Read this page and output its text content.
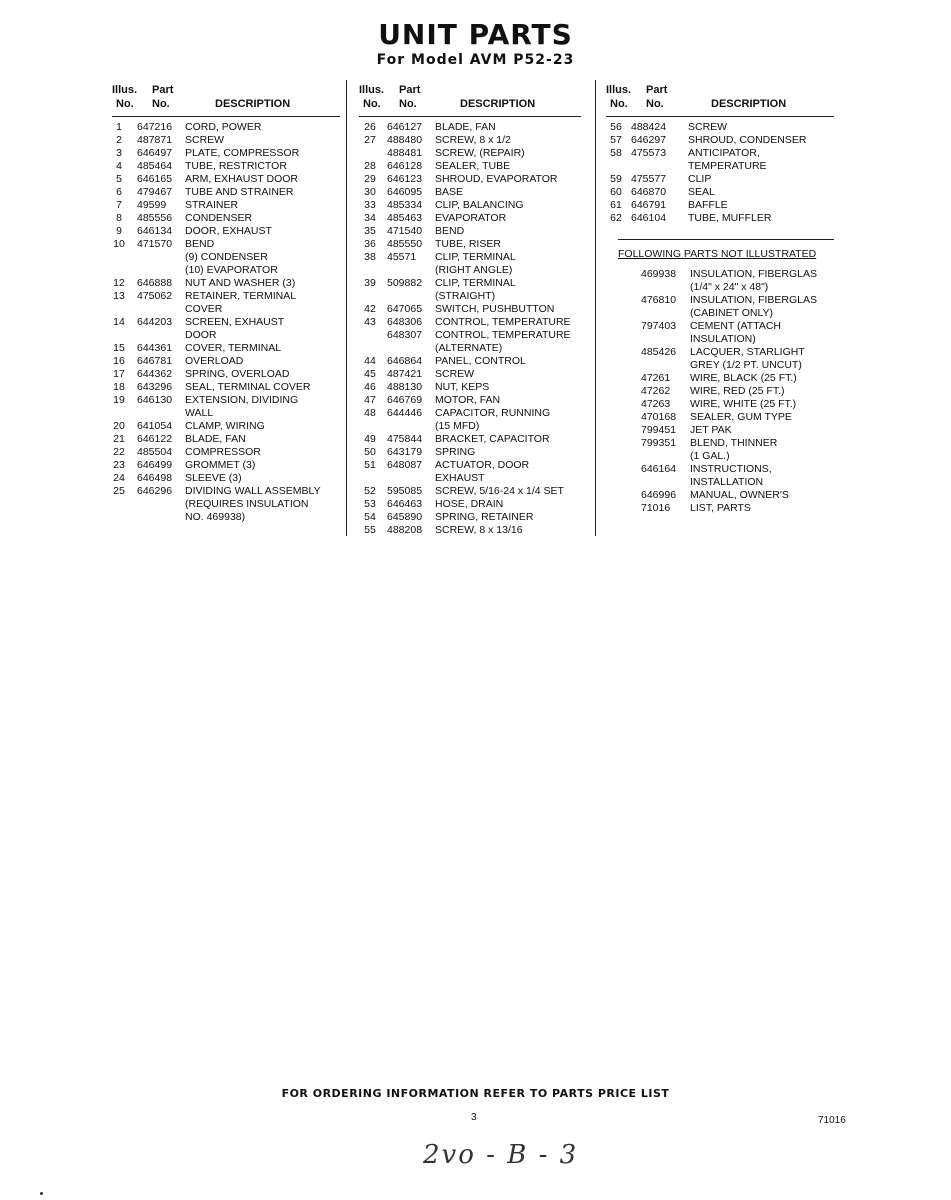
UNIT PARTS
For Model AVM P52-23
Illus. Part
No. No.	DESCRIPTION
1	647216 CORD, POWER
2	487871 SCREW
3	646497 PLATE, COMPRESSOR
4	485464 TUBE, RESTRICTOR
5	646165 ARM, EXHAUST DOOR
6	479467 TUBE AND STRAINER
7	49599 STRAINER
8	485556 CONDENSER
9	646134 DOOR, EXHAUST
10 471570 BEND
(9) CONDENSER
(10) EVAPORATOR
12 646888 NUT AND WASHER (3)
13 475062 RETAINER, TERMINAL
COVER
14 644203 SCREEN, EXHAUST
DOOR
15 644361 COVER, TERMINAL
16 646781 OVERLOAD
17 644362 SPRING, OVERLOAD
18 643296 SEAL, TERMINAL COVER
19 646130 EXTENSION, DIVIDING
WALL
20 641054 CLAMP, WIRING
21 646122 BLADE, FAN
22 485504 COMPRESSOR
23 646499 GROMMET (3)
24 646498 SLEEVE (3)
25 646296 DIVIDING WALL ASSEMBLY
(REQUIRES INSULATION
NO. 469938)
Illus. Part
No. No.	DESCRIPTION
26	646127 BLADE, FAN
27	488480 SCREW, 8 x 1/2
488481 SCREW, (REPAIR)
28	646128 SEALER, TUBE
29	646123 SHROUD, EVAPORATOR
30	646095 BASE
33	485334 CLIP, BALANCING
34	485463 EVAPORATOR
35	471540 BEND
36	485550 TUBE, RISER
38	45571 CLIP, TERMINAL
(RIGHT ANGLE)
39	509882 CLIP, TERMINAL
(STRAIGHT)
42	647065 SWITCH, PUSHBUTTON
43	648306 CONTROL, TEMPERATURE
648307 CONTROL, TEMPERATURE
(ALTERNATE)
44	646864 PANEL, CONTROL
45	487421 SCREW
46	488130 NUT, KEPS
47	646769 MOTOR, FAN
48	644446 CAPACITOR, RUNNING
(15 MFD)
49	475844 BRACKET, CAPACITOR
50	643179 SPRING
51	648087 ACTUATOR, DOOR
EXHAUST
52	595085 SCREW, 5/16-24 x 1/4 SET
53	646463 HOSE, DRAIN
54	645890 SPRING, RETAINER
55	488208 SCREW, 8 x 13/16
Illus. Part
No. No.	DESCRIPTION
56 488424 SCREW
57 646297 SHROUD, CONDENSER
58 475573 ANTICIPATOR,
TEMPERATURE
59 475577 CLIP
60 646870 SEAL
61 646791 BAFFLE
62 646104 TUBE, MUFFLER
FOLLOWING PARTS NOT ILLUSTRATED
469938 INSULATION, FIBERGLAS
(1/4" x 24" x 48")
476810 INSULATION, FIBERGLAS
(CABINET ONLY)
797403 CEMENT (ATTACH
INSULATION)
485426 LACQUER, STARLIGHT
GREY (1/2 PT. UNCUT)
47261 WIRE, BLACK (25 FT.)
47262 WIRE, RED (25 FT.)
47263 WIRE, WHITE (25 FT.)
470168 SEALER, GUM TYPE
799451 JET PAK
799351 BLEND, THINNER
(1 GAL.)
646164 INSTRUCTIONS,
INSTALLATION
646996 MANUAL, OWNER'S
71016 LIST, PARTS
FOR ORDERING INFORMATION REFER TO PARTS PRICE LIST
3	71016
2vo - B - 3
